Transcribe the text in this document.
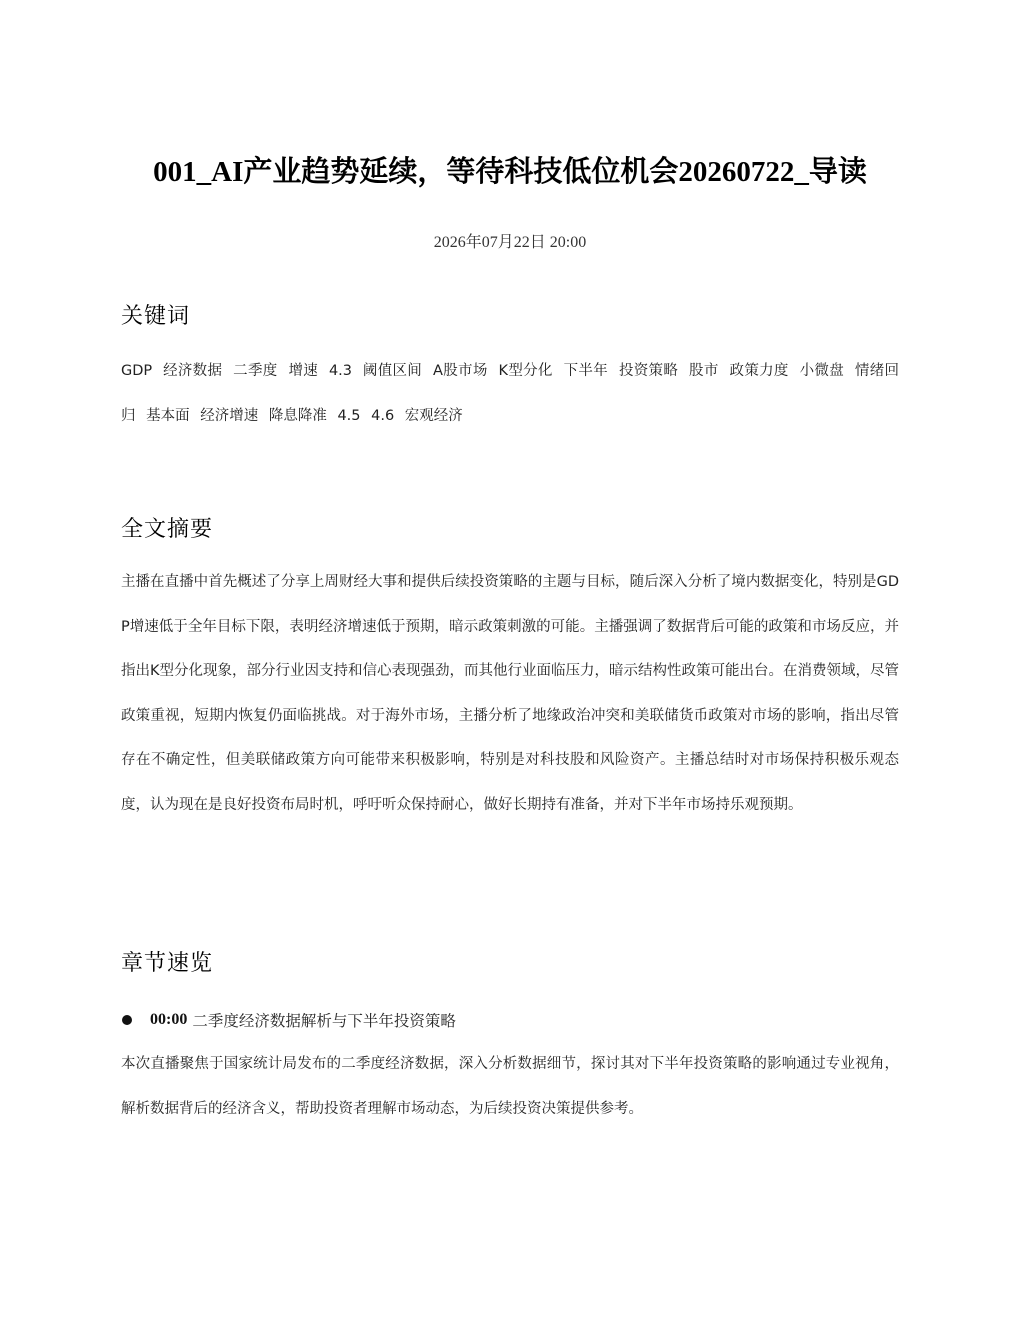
001_AI产业趋势延续，等待科技低位机会20260722_导读
2026年07月22日 20:00
关键词
GDP 经济数据 二季度 增速 4.3 阈值区间 A股市场 K型分化 下半年 投资策略 股市 政策力度 小微盘 情绪回归 基本面 经济增速 降息降准 4.5 4.6 宏观经济
全文摘要

主播在直播中首先概述了分享上周财经大事和提供后续投资策略的主题与目标，随后深入分析了境内数据变化，特别是GDP增速低于全年目标下限，表明经济增速低于预期，暗示政策刺激的可能。主播强调了数据背后可能的政策和市场反应，并指出K型分化现象，部分行业因支持和信心表现强劲，而其他行业面临压力，暗示结构性政策可能出台。在消费领域，尽管政策重视，短期内恢复仍面临挑战。对于海外市场，主播分析了地缘政治冲突和美联储货币政策对市场的影响，指出尽管存在不确定性，但美联储政策方向可能带来积极影响，特别是对科技股和风险资产。主播总结时对市场保持积极乐观态度，认为现在是良好投资布局时机，呼吁听众保持耐心，做好长期持有准备，并对下半年市场持乐观预期。

章节速览
00:00 二季度经济数据解析与下半年投资策略

本次直播聚焦于国家统计局发布的二季度经济数据，深入分析数据细节，探讨其对下半年投资策略的影响通过专业视角，解析数据背后的经济含义，帮助投资者理解市场动态，为后续投资决策提供参考。
